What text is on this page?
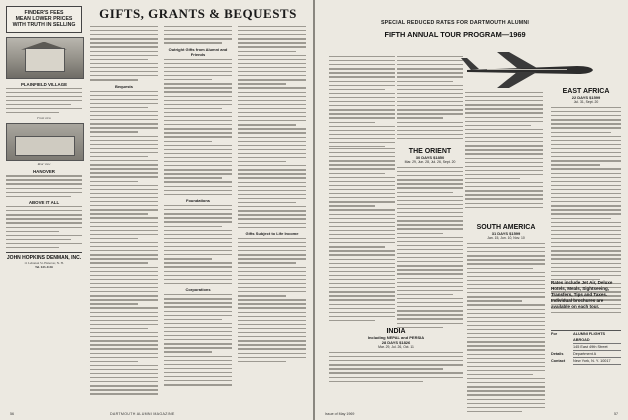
FINDER'S FEES
MEAN LOWER PRICES
WITH TRUTH IN SELLING
PLAINFIELD VILLAGE
Front view
Rear view
HANOVER
ABOVE IT ALL
JOHN HOPKINS DENMAN, INC.
11 Lebanon St. Hanover, N. H.
Tel. 643-4146
GIFTS, GRANTS & BEQUESTS
Bequests
Outright Gifts from Alumni and Friends
Foundations
Corporations
Gifts Subject to Life Income
56	DARTMOUTH ALUMNI MAGAZINE
SPECIAL REDUCED RATES FOR DARTMOUTH ALUMNI
FIFTH ANNUAL TOUR PROGRAM—1969
THE ORIENT
30 DAYS $1850
Mar. 29, Jun. 28, Jul. 26, Sept. 20
INDIA
Including NEPAL and PERSIA
28 DAYS $1826
Mar. 29, Jul. 26, Oct. 11
SOUTH AMERICA
31 DAYS $1599
Jan. 15, Jun. 10, Nov. 10
EAST AFRICA
22 DAYS $1599
Jul. 31, Sept. 20
Rates include Jet Air, Deluxe Hotels, Meals, Sightseeing, Transfers, Tips and Taxes. Individual brochures are available on each tour.
For	ALUMNI FLIGHTS ABROAD
145 East 49th Street
Details	Department A
Contact	New York, N. Y. 10017
Issue of May 1969	57
